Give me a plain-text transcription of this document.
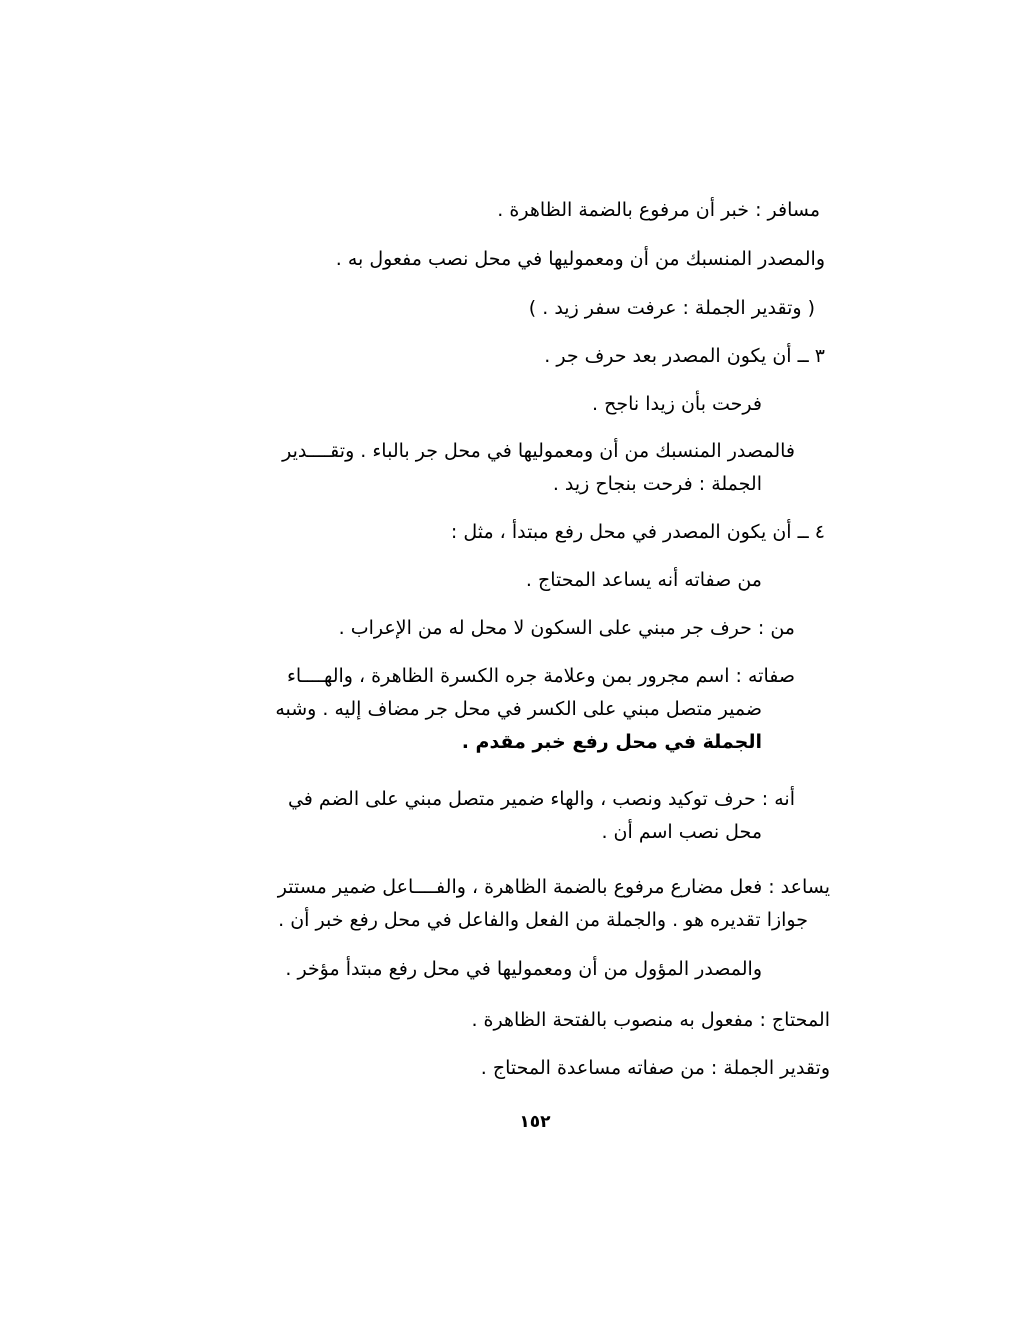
مسافر : خبر أن مرفوع بالضمة الظاهرة .
والمصدر المنسبك من أن ومعموليها في محل نصب مفعول به .
( وتقدير الجملة : عرفت سفر زيد . )
٣ ــ أن يكون المصدر بعد حرف جر .
فرحت بأن زيدا ناجح .
فالمصدر المنسبك من أن ومعموليها في محل جر بالباء . وتقــــدير
الجملة : فرحت بنجاح زيد .
٤ ــ أن يكون المصدر في محل رفع مبتدأ ، مثل :
من صفاته أنه يساعد المحتاج .
من : حرف جر مبني على السكون لا محل له من الإعراب .
صفاته : اسم مجرور بمن وعلامة جره الكسرة الظاهرة ، والهــــاء
ضمير متصل مبني على الكسر في محل جر مضاف إليه . وشبه
الجملة في محل رفع خبر مقدم .
أنه : حرف توكيد ونصب ، والهاء ضمير متصل مبني على الضم في
محل نصب اسم أن .
يساعد : فعل مضارع مرفوع بالضمة الظاهرة ، والفــــاعل ضمير مستتر
جوازا تقديره هو . والجملة من الفعل والفاعل في محل رفع خبر أن .
والمصدر المؤول من أن ومعموليها في محل رفع مبتدأ مؤخر .
المحتاج : مفعول به منصوب بالفتحة الظاهرة .
وتقدير الجملة : من صفاته مساعدة المحتاج .
١٥٢
